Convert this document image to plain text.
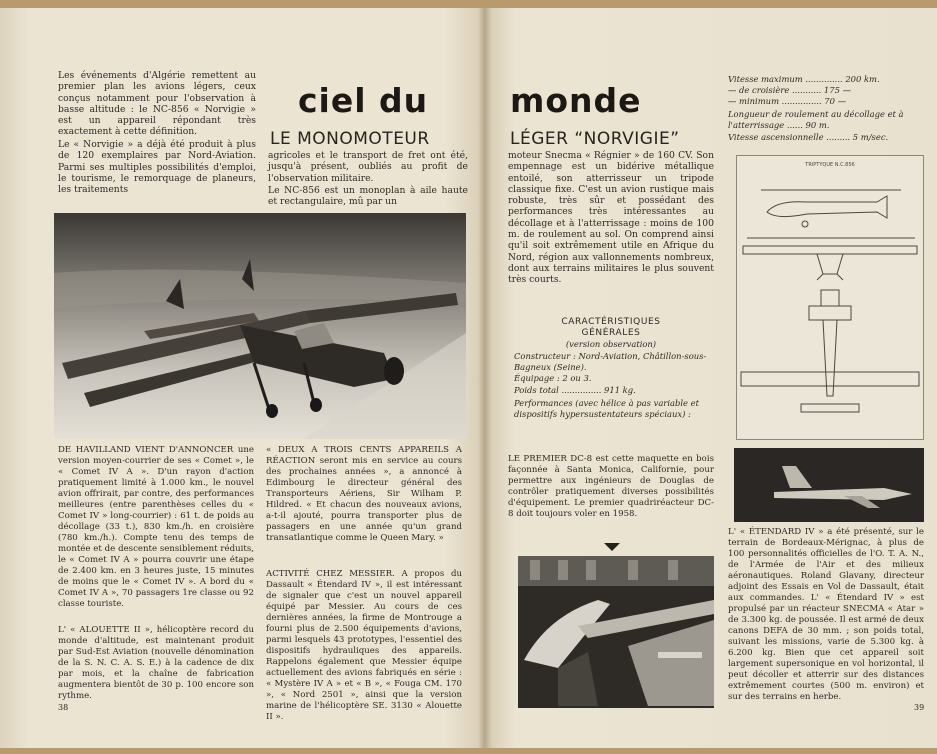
Les événements d'Algérie remettent au premier plan les avions légers, ceux conçus notamment pour l'observation à basse altitude : le NC-856 « Norvigie » est un appareil répondant très exactement à cette définition.

Le « Norvigie » a déjà été produit à plus de 120 exemplaires par Nord-Aviation. Parmi ses multiples possibilités d'emploi, le tourisme, le remorquage de planeurs, les traitements

ciel du
LE MONOMOTEUR

agricoles et le transport de fret ont été, jusqu'à présent, oubliés au profit de l'observation militaire.

Le NC-856 est un monoplan à aile haute et rectangulaire, mû par un

DE HAVILLAND VIENT D'ANNONCER une version moyen-courrier de ses « Comet », le « Comet IV A ». D'un rayon d'action pratiquement limité à 1.000 km., le nouvel avion offrirait, par contre, des performances meilleures (entre parenthèses celles du « Comet IV » long-courrier) : 61 t. de poids au décollage (33 t.), 830 km./h. en croisière (780 km./h.). Compte tenu des temps de montée et de descente sensiblement réduits, le « Comet IV A » pourra couvrir une étape de 2.400 km. en 3 heures juste, 15 minutes de moins que le « Comet IV ». A bord du « Comet IV A », 70 passagers 1re classe ou 92 classe touriste.

L' « ALOUETTE II », hélicoptère record du monde d'altitude, est maintenant produit par Sud-Est Aviation (nouvelle dénomination de la S. N. C. A. S. E.) à la cadence de dix par mois, et la chaîne de fabrication augmentera bientôt de 30 p. 100 encore son rythme.

« DEUX A TROIS CENTS APPAREILS A RÉACTION seront mis en service au cours des prochaines années », a annoncé à Edimbourg le directeur général des Transporteurs Aériens, Sir Wilham P. Hildred. « Et chacun des nouveaux avions, a-t-il ajouté, pourra transporter plus de passagers en une année qu'un grand transatlantique comme le Queen Mary. »

ACTIVITÉ CHEZ MESSIER. A propos du Dassault « Étendard IV », il est intéressant de signaler que c'est un nouvel appareil équipé par Messier. Au cours de ces dernières années, la firme de Montrouge a fourni plus de 2.500 équipements d'avions, parmi lesquels 43 prototypes, l'essentiel des dispositifs hydrauliques des appareils. Rappelons également que Messier équipe actuellement des avions fabriqués en série : « Mystère IV A » et « B », « Fouga CM. 170 », « Nord 2501 », ainsi que la version marine de l'hélicoptère SE. 3130 « Alouette II ».

38
monde
LÉGER “NORVIGIE”
Vitesse maximum .............. 200 km.
— de croisière ........... 175 —
— minimum ............... 70 —
Longueur de roulement au décollage et à l'atterrissage ...... 90 m.
Vitesse ascensionnelle ......... 5 m/sec.

moteur Snecma « Régnier » de 160 CV. Son empennage est un bidérive métallique entoilé, son atterrisseur un tripode classique fixe. C'est un avion rustique mais robuste, très sûr et possédant des performances très intéressantes au décollage et à l'atterrissage : moins de 100 m. de roulement au sol. On comprend ainsi qu'il soit extrêmement utile en Afrique du Nord, région aux vallonnements nombreux, dont aux terrains militaires le plus souvent très courts.

CARACTÉRISTIQUES
GÉNÉRALES
(version observation)
Constructeur : Nord-Aviation, Châtillon-sous-Bagneux (Seine).
Équipage : 2 ou 3.
Poids total ............... 911 kg.
Performances (avec hélice à pas variable et dispositifs hypersustentateurs spéciaux) :
TRIPTYQUE N.C.856

LE PREMIER DC-8 est cette maquette en bois façonnée à Santa Monica, Californie, pour permettre aux ingénieurs de Douglas de contrôler pratiquement diverses possibilités d'équipement. Le premier quadriréacteur DC-8 doit toujours voler en 1958.

L' « ÉTENDARD IV » a été présenté, sur le terrain de Bordeaux-Mérignac, à plus de 100 personnalités officielles de l'O. T. A. N., de l'Armée de l'Air et des milieux aéronautiques. Roland Glavany, directeur adjoint des Essais en Vol de Dassault, était aux commandes. L' « Étendard IV » est propulsé par un réacteur SNECMA « Atar » de 3.300 kg. de poussée. Il est armé de deux canons DEFA de 30 mm. ; son poids total, suivant les missions, varie de 5.300 kg. à 6.200 kg. Bien que cet appareil soit largement supersonique en vol horizontal, il peut décoller et atterrir sur des distances extrêmement courtes (500 m. environ) et sur des terrains en herbe.

39
